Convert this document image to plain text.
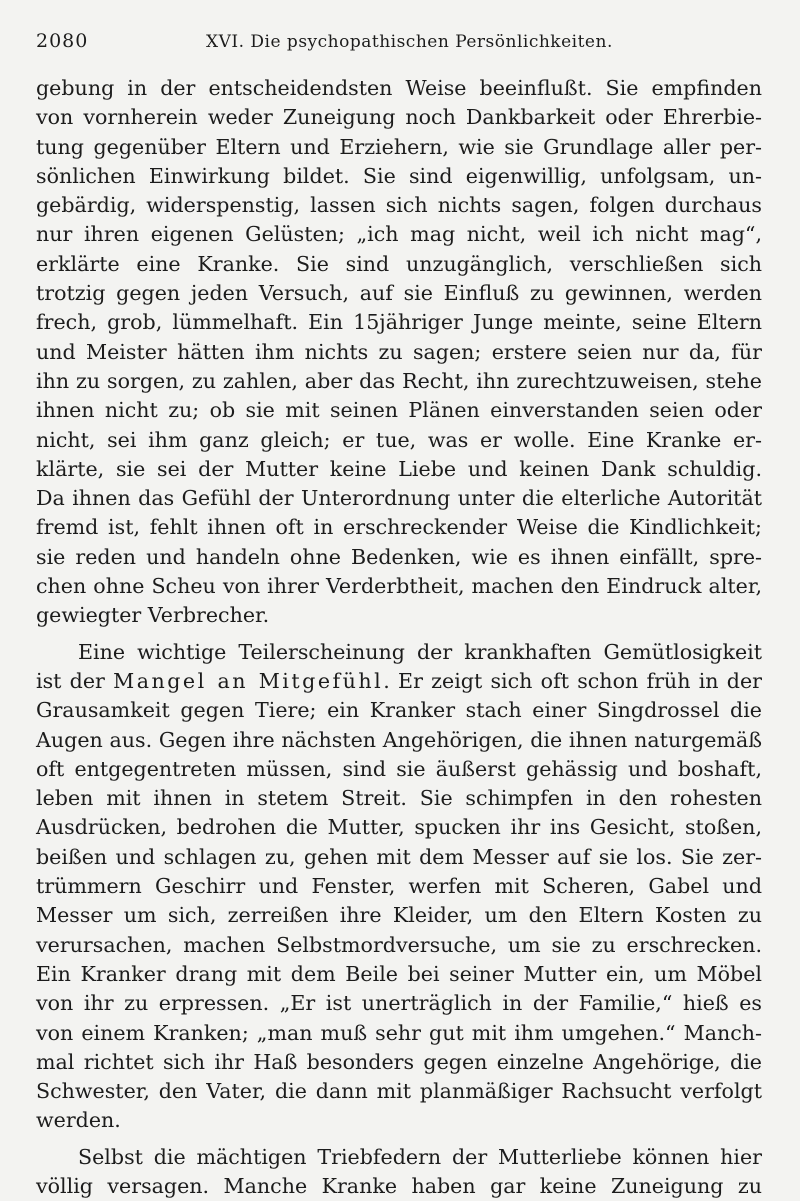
2080	XVI. Die psychopathischen Persönlichkeiten.
gebung in der entscheidendsten Weise beeinflußt. Sie empfinden
von vornherein weder Zuneigung noch Dankbarkeit oder Ehrerbie-
tung gegenüber Eltern und Erziehern, wie sie Grundlage aller per-
sönlichen Einwirkung bildet. Sie sind eigenwillig, unfolgsam, un-
gebärdig, widerspenstig, lassen sich nichts sagen, folgen durchaus
nur ihren eigenen Gelüsten; „ich mag nicht, weil ich nicht mag“,
erklärte eine Kranke. Sie sind unzugänglich, verschließen sich
trotzig gegen jeden Versuch, auf sie Einfluß zu gewinnen, werden
frech, grob, lümmelhaft. Ein 15jähriger Junge meinte, seine Eltern
und Meister hätten ihm nichts zu sagen; erstere seien nur da, für
ihn zu sorgen, zu zahlen, aber das Recht, ihn zurechtzuweisen, stehe
ihnen nicht zu; ob sie mit seinen Plänen einverstanden seien oder
nicht, sei ihm ganz gleich; er tue, was er wolle. Eine Kranke er-
klärte, sie sei der Mutter keine Liebe und keinen Dank schuldig.
Da ihnen das Gefühl der Unterordnung unter die elterliche Autorität
fremd ist, fehlt ihnen oft in erschreckender Weise die Kindlichkeit;
sie reden und handeln ohne Bedenken, wie es ihnen einfällt, spre-
chen ohne Scheu von ihrer Verderbtheit, machen den Eindruck alter,
gewiegter Verbrecher.
Eine wichtige Teilerscheinung der krankhaften Gemütlosigkeit
ist der Mangel an Mitgefühl. Er zeigt sich oft schon früh in der
Grausamkeit gegen Tiere; ein Kranker stach einer Singdrossel die
Augen aus. Gegen ihre nächsten Angehörigen, die ihnen naturgemäß
oft entgegentreten müssen, sind sie äußerst gehässig und boshaft,
leben mit ihnen in stetem Streit. Sie schimpfen in den rohesten
Ausdrücken, bedrohen die Mutter, spucken ihr ins Gesicht, stoßen,
beißen und schlagen zu, gehen mit dem Messer auf sie los. Sie zer-
trümmern Geschirr und Fenster, werfen mit Scheren, Gabel und
Messer um sich, zerreißen ihre Kleider, um den Eltern Kosten zu
verursachen, machen Selbstmordversuche, um sie zu erschrecken.
Ein Kranker drang mit dem Beile bei seiner Mutter ein, um Möbel
von ihr zu erpressen. „Er ist unerträglich in der Familie,“ hieß es
von einem Kranken; „man muß sehr gut mit ihm umgehen.“ Manch-
mal richtet sich ihr Haß besonders gegen einzelne Angehörige, die
Schwester, den Vater, die dann mit planmäßiger Rachsucht verfolgt
werden.
Selbst die mächtigen Triebfedern der Mutterliebe können hier
völlig versagen. Manche Kranke haben gar keine Zuneigung zu
